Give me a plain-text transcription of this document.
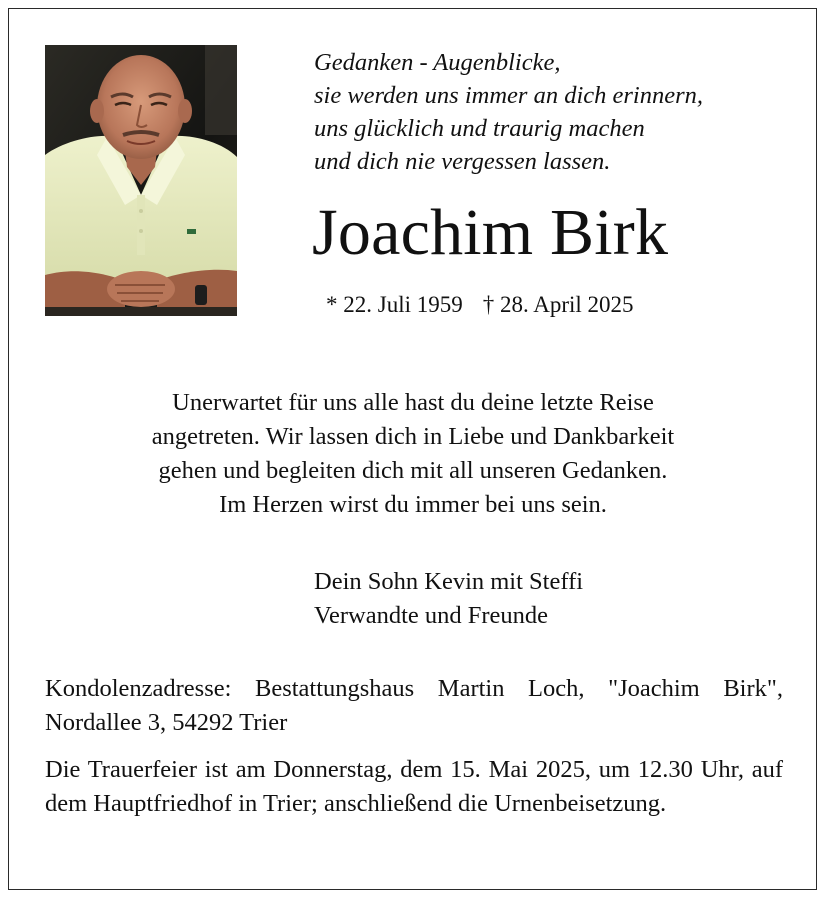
Gedanken - Augenblicke,
sie werden uns immer an dich erinnern,
uns glücklich und traurig machen
und dich nie vergessen lassen.
Joachim Birk
* 22. Juli 1959 † 28. April 2025
Unerwartet für uns alle hast du deine letzte Reise
angetreten. Wir lassen dich in Liebe und Dankbarkeit
gehen und begleiten dich mit all unseren Gedanken.
Im Herzen wirst du immer bei uns sein.
Dein Sohn Kevin mit Steffi
Verwandte und Freunde
Kondolenzadresse: Bestattungshaus Martin Loch, "Joachim Birk", Nordallee 3, 54292 Trier
Die Trauerfeier ist am Donnerstag, dem 15. Mai 2025, um 12.30 Uhr, auf dem Hauptfriedhof in Trier; anschließend die Urnenbeisetzung.
